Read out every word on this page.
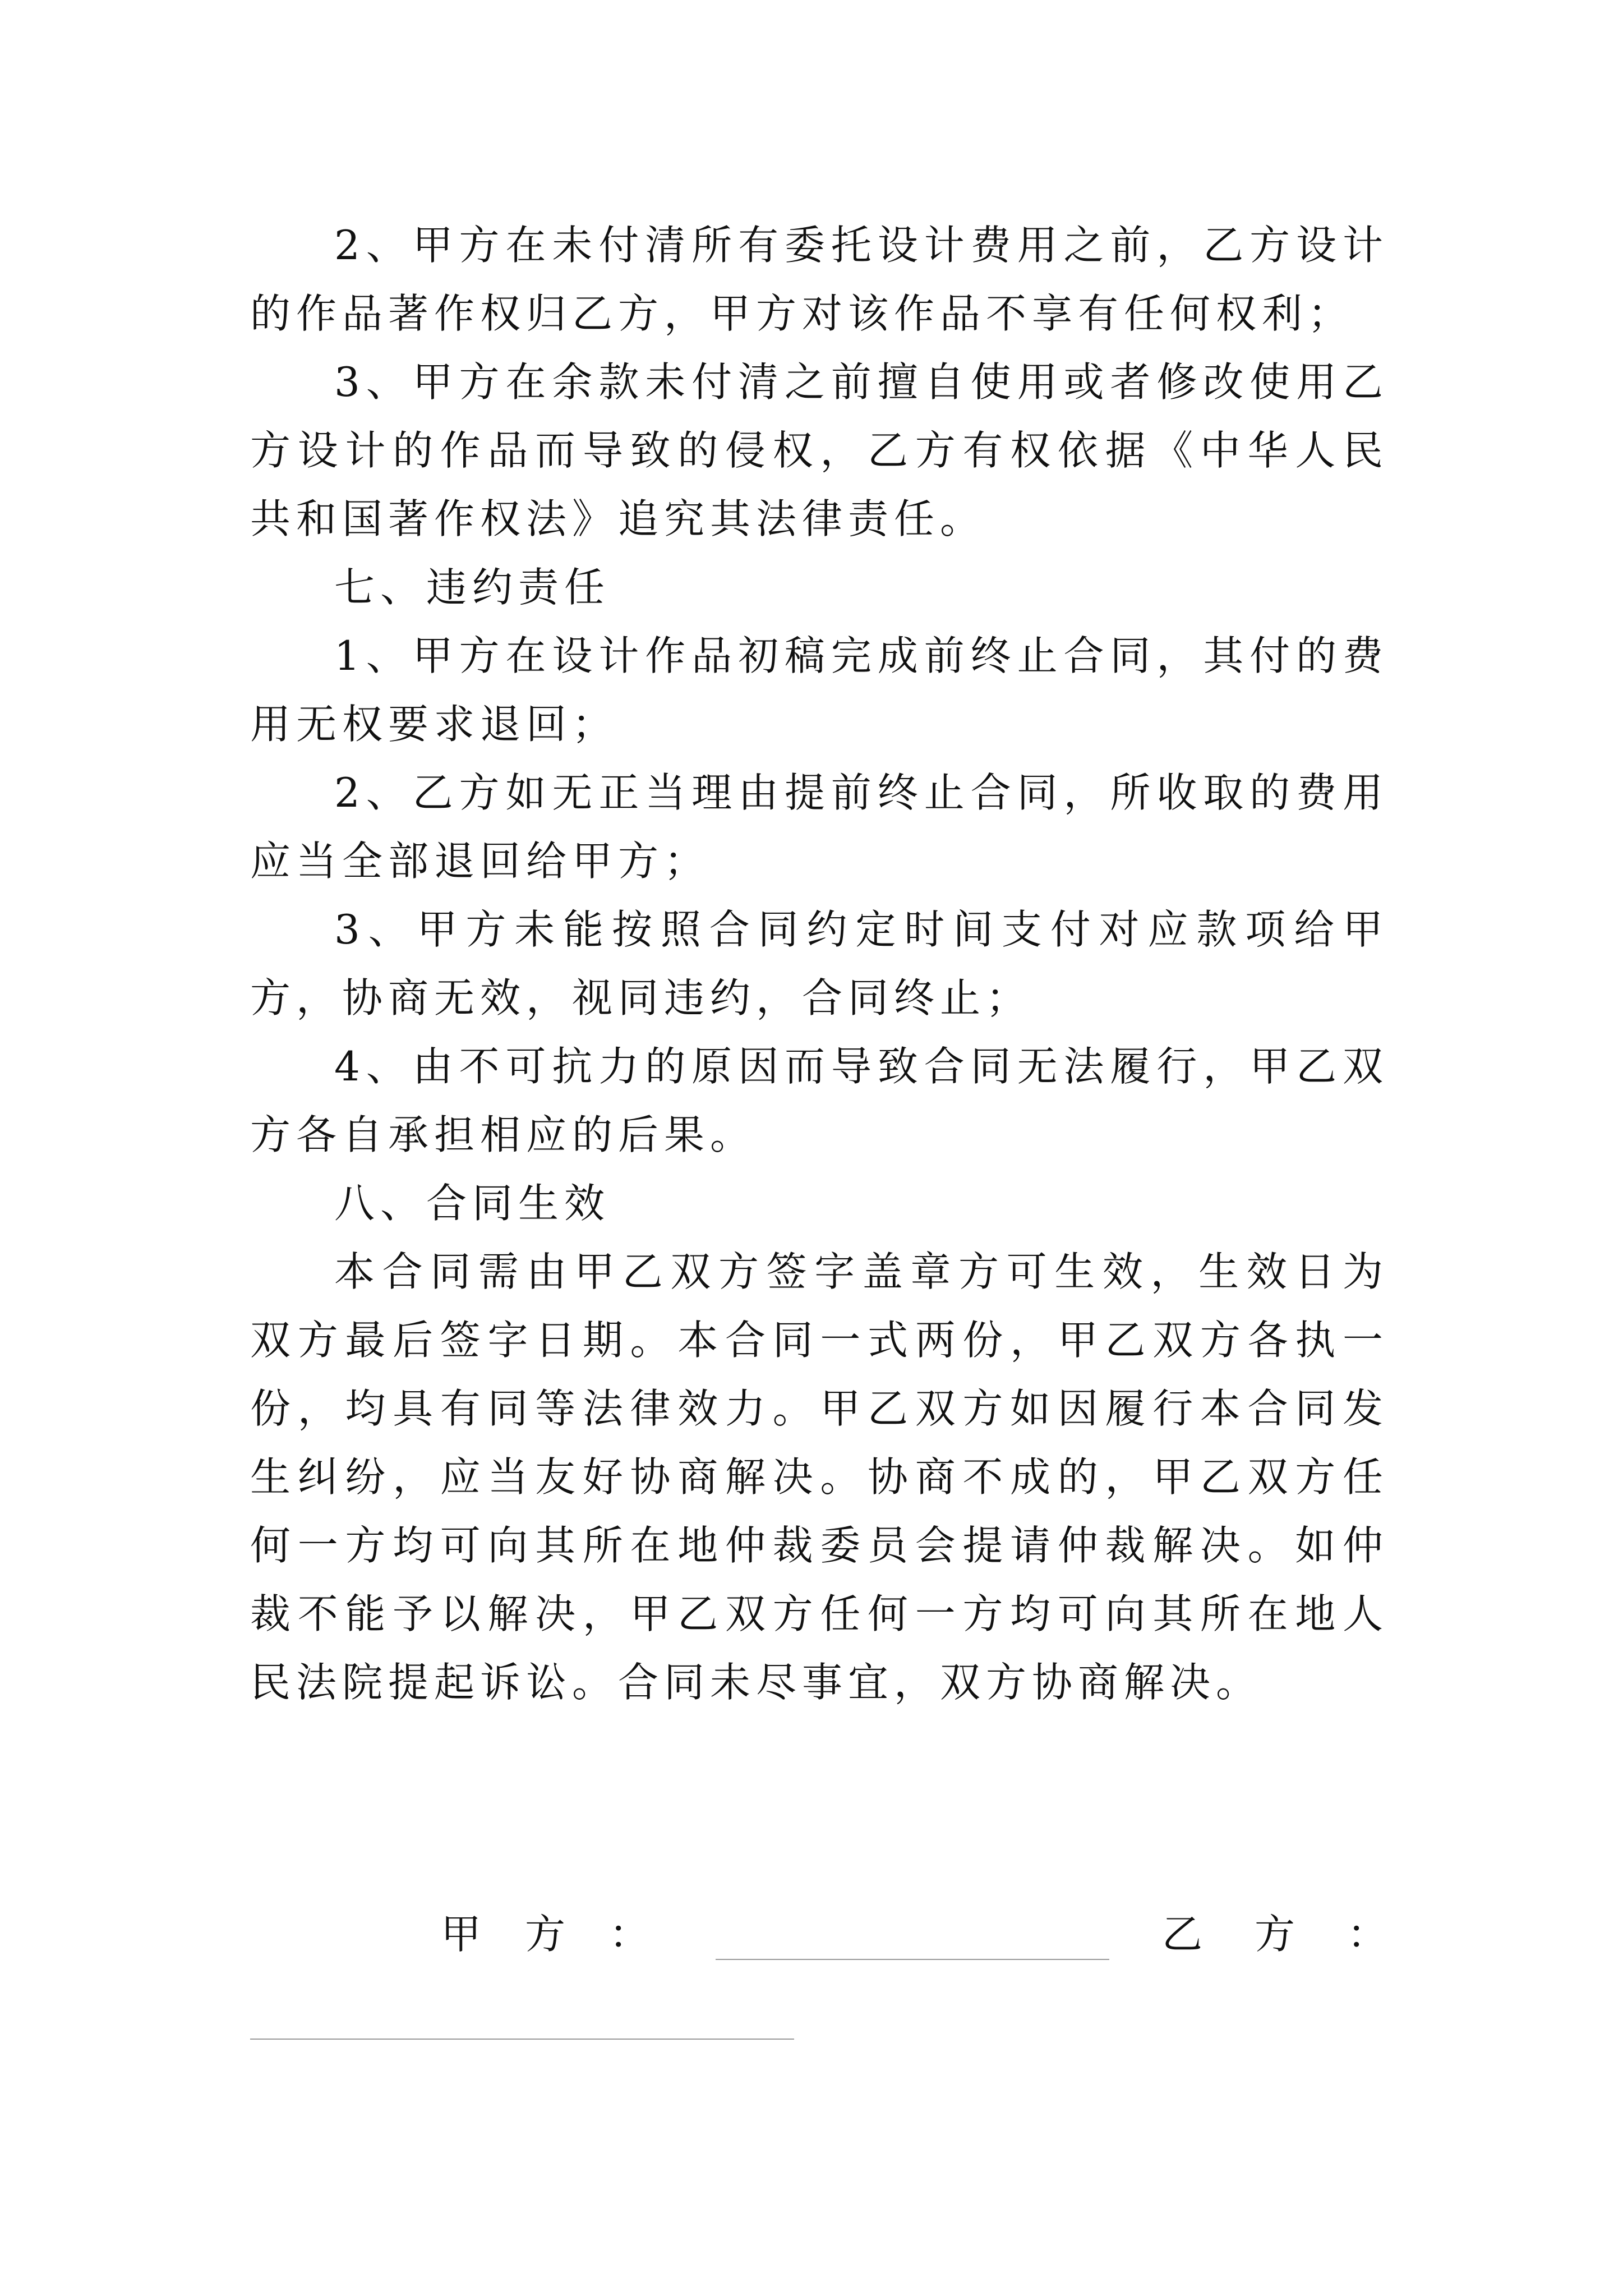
2、甲方在未付清所有委托设计费用之前，乙方设计的作品著作权归乙方，甲方对该作品不享有任何权利；

3、甲方在余款未付清之前擅自使用或者修改使用乙方设计的作品而导致的侵权，乙方有权依据《中华人民共和国著作权法》追究其法律责任。

七、违约责任

1、甲方在设计作品初稿完成前终止合同，其付的费用无权要求退回；

2、乙方如无正当理由提前终止合同，所收取的费用应当全部退回给甲方；

3、甲方未能按照合同约定时间支付对应款项给甲方，协商无效，视同违约，合同终止；

4、由不可抗力的原因而导致合同无法履行，甲乙双方各自承担相应的后果。

八、合同生效

本合同需由甲乙双方签字盖章方可生效，生效日为双方最后签字日期。本合同一式两份，甲乙双方各执一份，均具有同等法律效力。甲乙双方如因履行本合同发生纠纷，应当友好协商解决。协商不成的，甲乙双方任何一方均可向其所在地仲裁委员会提请仲裁解决。如仲裁不能予以解决，甲乙双方任何一方均可向其所在地人民法院提起诉讼。合同未尽事宜，双方协商解决。

甲 方 ：	乙 方 ：
